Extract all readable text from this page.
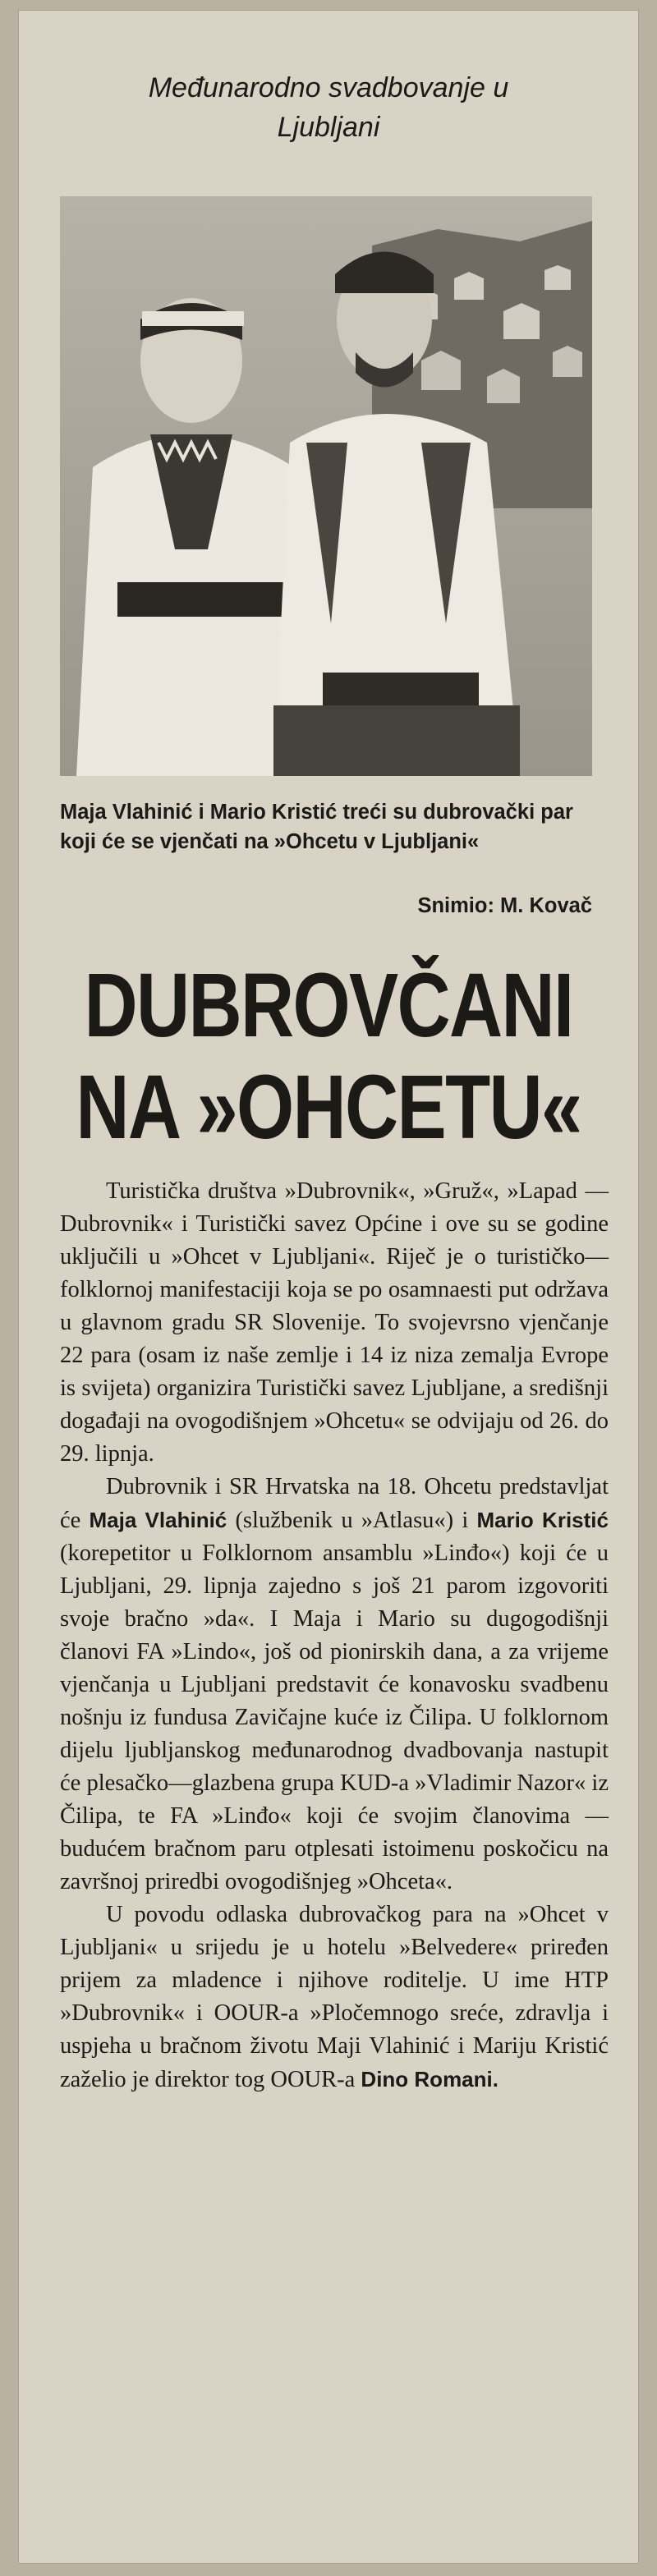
Međunarodno svadbovanje u
Ljubljani
Maja Vlahinić i Mario Kristić treći su dubrovački par koji će se vjenčati na »Ohcetu v Ljubljani«
Snimio: M. Kovač
DUBROVČANI
NA »OHCETU«

Turistička društva »Dubrovnik«, »Gruž«, »Lapad — Dubrovnik« i Turistički savez Općine i ove su se godine uključili u »Ohcet v Ljubljani«. Riječ je o turističko—folklornoj manifestaciji koja se po osamnaesti put održava u glavnom gradu SR Slovenije. To svojevrsno vjenčanje 22 para (osam iz naše zemlje i 14 iz niza zemalja Evrope is svijeta) organizira Turistički savez Ljubljane, a središnji događaji na ovogodišnjem »Ohcetu« se odvijaju od 26. do 29. lipnja.

Dubrovnik i SR Hrvatska na 18. Ohcetu predstavljat će Maja Vlahinić (službenik u »Atlasu«) i Mario Kristić (korepetitor u Folklornom ansamblu »Linđo«) koji će u Ljubljani, 29. lipnja zajedno s još 21 parom izgovoriti svoje bračno »da«. I Maja i Mario su dugogodišnji članovi FA »Lindo«, još od pionirskih dana, a za vrijeme vjenčanja u Ljubljani predstavit će konavosku svadbenu nošnju iz fundusa Zavičajne kuće iz Čilipa. U folklornom dijelu ljubljanskog međunarodnog dvadbovanja nastupit će plesačko—glazbena grupa KUD-a »Vladimir Nazor« iz Čilipa, te FA »Linđo« koji će svojim članovima — budućem bračnom paru otplesati istoimenu poskočicu na završnoj priredbi ovogodišnjeg »Ohceta«.

U povodu odlaska dubrovačkog para na »Ohcet v Ljubljani« u srijedu je u hotelu »Belvedere« priređen prijem za mladence i njihove roditelje. U ime HTP »Dubrovnik« i OOUR-a »Pločemnogo sreće, zdravlja i uspjeha u bračnom životu Maji Vlahinić i Mariju Kristić zaželio je direktor tog OOUR-a Dino Romani.
